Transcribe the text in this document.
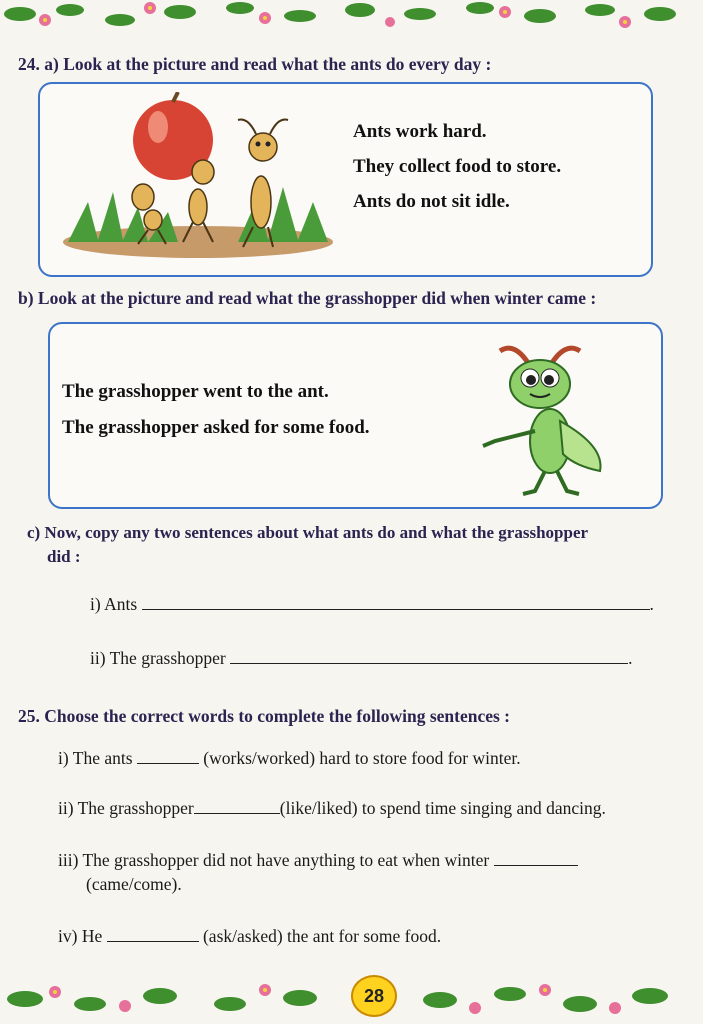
24. a) Look at the picture and read what the ants do every day :
Ants work hard.
They collect food to store.
Ants do not sit idle.
b) Look at the picture and read what the grasshopper did when winter came :
The grasshopper went to the ant.
The grasshopper asked for some food.
c) Now, copy any two sentences about what ants do and what the grasshopper
did :
i) Ants	.
ii) The grasshopper	.
25. Choose the correct words to complete the following sentences :
i) The ants	(works/worked) hard to store food for winter.
ii) The grasshopper	(like/liked) to spend time singing and dancing.
iii) The grasshopper did not have anything to eat when winter
(came/come).
iv) He	(ask/asked) the ant for some food.
28
